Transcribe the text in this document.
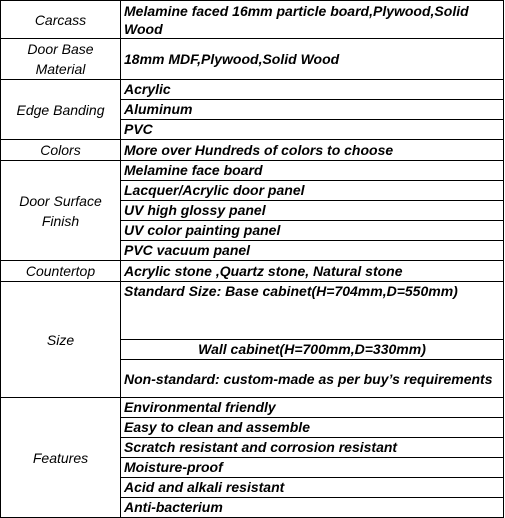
Carcass	Melamine faced 16mm particle board,Plywood,Solid Wood
Door Base Material	18mm MDF,Plywood,Solid Wood
Edge Banding	Acrylic
	Aluminum
	PVC
Colors	More over Hundreds of colors to choose
Door Surface Finish	Melamine face board
	Lacquer/Acrylic door panel
	UV high glossy panel
	UV color painting panel
	PVC vacuum panel
Countertop	Acrylic stone ,Quartz stone, Natural stone
Size	Standard Size: Base cabinet(H=704mm,D=550mm)
	Wall cabinet(H=700mm,D=330mm)
	Non-standard: custom-made as per buy’s requirements
Features	Environmental friendly
	Easy to clean and assemble
	Scratch resistant and corrosion resistant
	Moisture-proof
	Acid and alkali resistant
	Anti-bacterium
